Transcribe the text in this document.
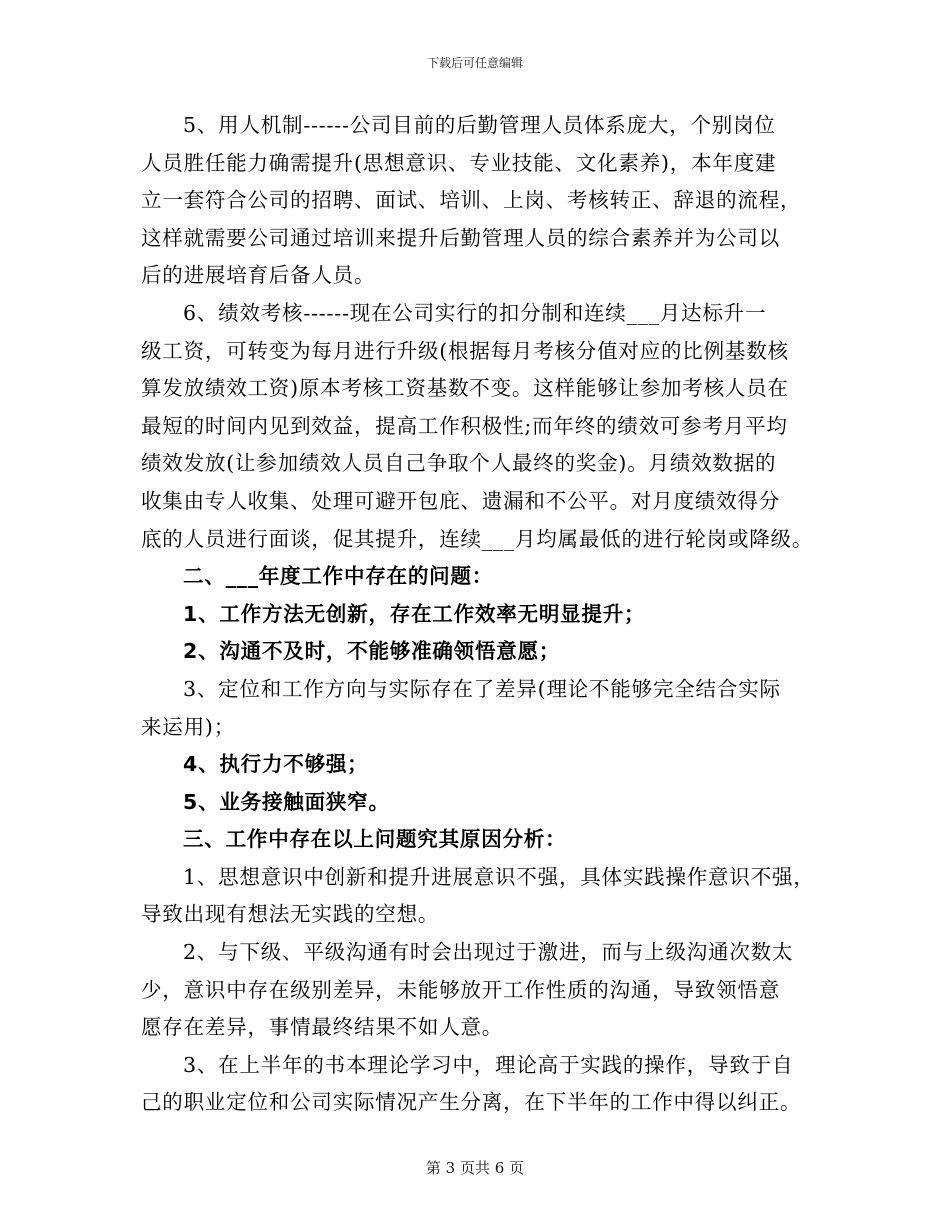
下载后可任意编辑
5、用人机制------公司目前的后勤管理人员体系庞大，个别岗位
人员胜任能力确需提升(思想意识、专业技能、文化素养)，本年度建
立一套符合公司的招聘、面试、培训、上岗、考核转正、辞退的流程，
这样就需要公司通过培训来提升后勤管理人员的综合素养并为公司以
后的进展培育后备人员。
6、绩效考核------现在公司实行的扣分制和连续___月达标升一
级工资，可转变为每月进行升级(根据每月考核分值对应的比例基数核
算发放绩效工资)原本考核工资基数不变。这样能够让参加考核人员在
最短的时间内见到效益，提高工作积极性;而年终的绩效可参考月平均
绩效发放(让参加绩效人员自己争取个人最终的奖金)。月绩效数据的
收集由专人收集、处理可避开包庇、遗漏和不公平。对月度绩效得分
底的人员进行面谈，促其提升，连续___月均属最低的进行轮岗或降级。
二、___年度工作中存在的问题：
1、工作方法无创新，存在工作效率无明显提升；
2、沟通不及时，不能够准确领悟意愿；
3、定位和工作方向与实际存在了差异(理论不能够完全结合实际
来运用)；
4、执行力不够强；
5、业务接触面狭窄。
三、工作中存在以上问题究其原因分析：
1、思想意识中创新和提升进展意识不强，具体实践操作意识不强，
导致出现有想法无实践的空想。
2、与下级、平级沟通有时会出现过于激进，而与上级沟通次数太
少，意识中存在级别差异，未能够放开工作性质的沟通，导致领悟意
愿存在差异，事情最终结果不如人意。
3、在上半年的书本理论学习中，理论高于实践的操作，导致于自
己的职业定位和公司实际情况产生分离，在下半年的工作中得以纠正。
第 3 页共 6 页
